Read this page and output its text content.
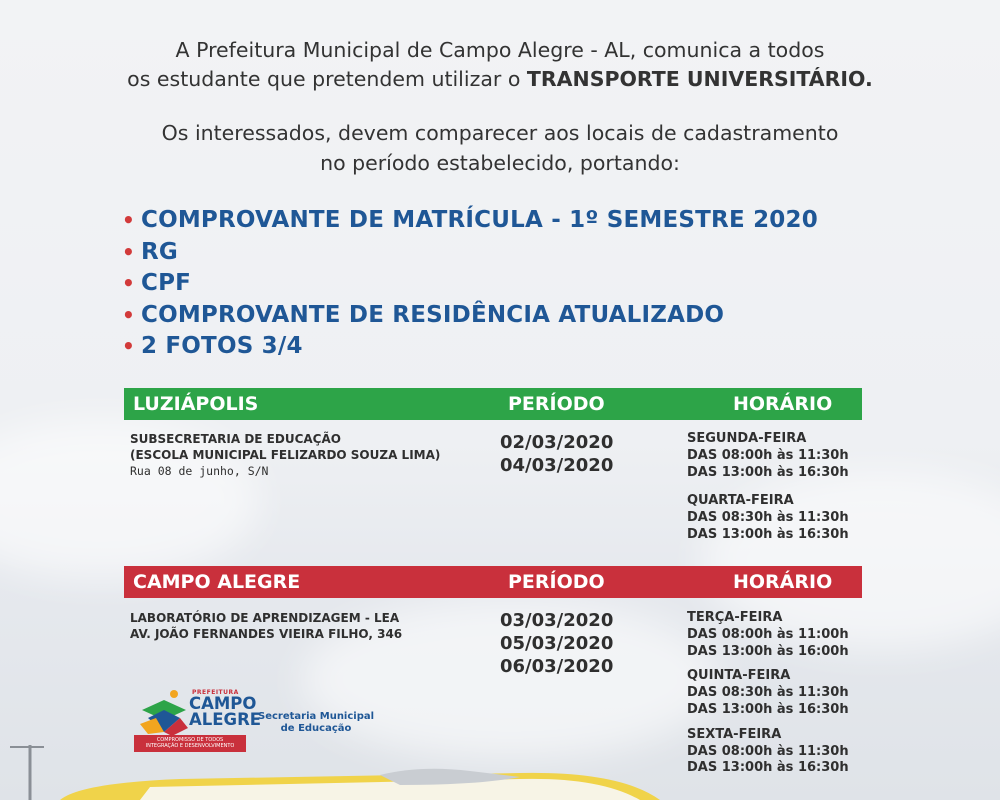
A Prefeitura Municipal de Campo Alegre - AL, comunica a todos
os estudante que pretendem utilizar o TRANSPORTE UNIVERSITÁRIO.
Os interessados, devem comparecer aos locais de cadastramento
no período estabelecido, portando:
• COMPROVANTE DE MATRÍCULA - 1º SEMESTRE 2020
• RG
• CPF
• COMPROVANTE DE RESIDÊNCIA ATUALIZADO
• 2 FOTOS 3/4
LUZIÁPOLIS	PERÍODO	HORÁRIO
SUBSECRETARIA DE EDUCAÇÃO
(ESCOLA MUNICIPAL FELIZARDO SOUZA LIMA)
Rua 08 de junho, S/N
02/03/2020
04/03/2020
SEGUNDA-FEIRA
DAS 08:00h às 11:30h
DAS 13:00h às 16:30h
QUARTA-FEIRA
DAS 08:30h às 11:30h
DAS 13:00h às 16:30h
CAMPO ALEGRE	PERÍODO	HORÁRIO
LABORATÓRIO DE APRENDIZAGEM - LEA
AV. JOÃO FERNANDES VIEIRA FILHO, 346
03/03/2020
05/03/2020
06/03/2020
TERÇA-FEIRA
DAS 08:00h às 11:00h
DAS 13:00h às 16:00h
QUINTA-FEIRA
DAS 08:30h às 11:30h
DAS 13:00h às 16:30h
SEXTA-FEIRA
DAS 08:00h às 11:30h
DAS 13:00h às 16:30h
PREFEITURA
CAMPO
ALEGRE
COMPROMISSO DE TODOS
INTEGRAÇÃO E DESENVOLVIMENTO
Secretaria Municipal
de Educação
